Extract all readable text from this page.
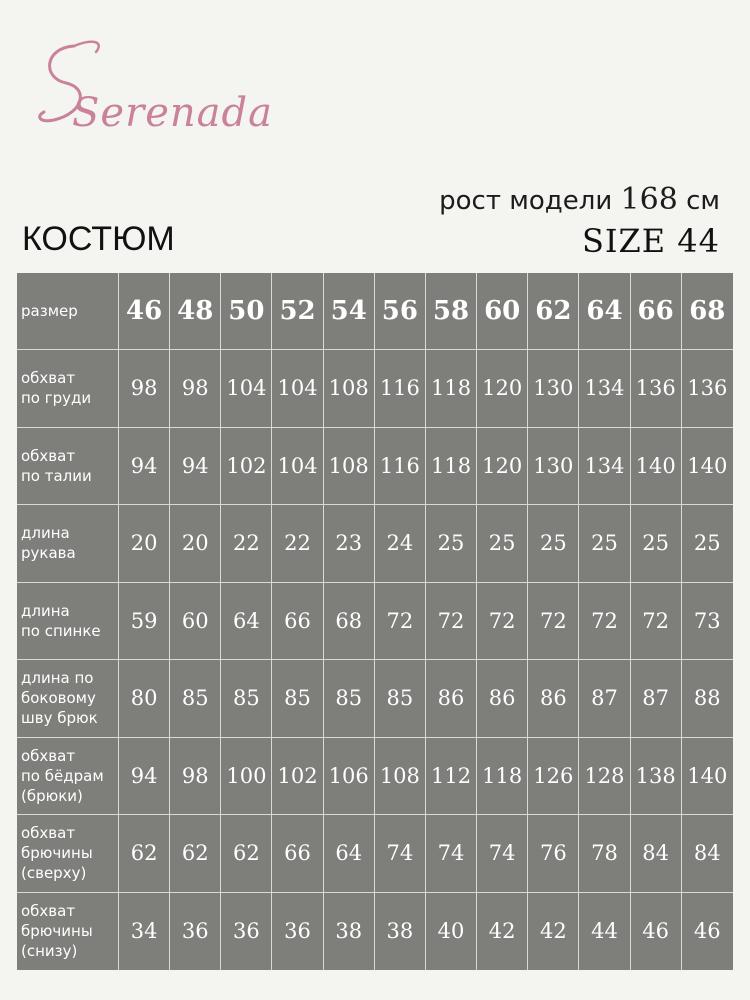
Serenada
рост модели 168 см
КОСТЮМ	SIZE 44
размер	46 48 50 52 54 56 58 60 62 64 66 68
обхват
по груди	98	98 104 104 108 116 118 120 130 134 136 136
обхват
по талии	94	94 102 104 108 116 118 120 130 134 140 140
длина
рукава	20	20	22	22	23	24	25	25	25	25	25	25
длина
по спинке	59	60	64	66	68	72	72	72	72	72	72	73
длина по
боковому
шву брюк
80	85	85	85	85	85	86	86	86	87	87	88
обхват
по бёдрам
(брюки)
94	98 100 102 106 108 112 118 126 128 138 140
обхват
брючины
(сверху)
62	62	62	66	64	74	74	74	76	78	84	84
обхват
брючины
(снизу)
34	36	36	36	38	38	40	42	42	44	46	46
